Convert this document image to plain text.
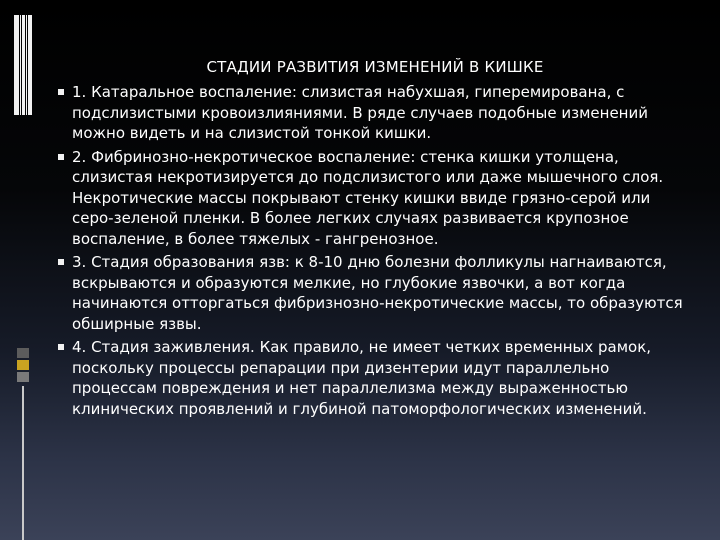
СТАДИИ РАЗВИТИЯ ИЗМЕНЕНИЙ В КИШКЕ
1. Катаральное воспаление: слизистая набухшая, гиперемирована, с подслизистыми кровоизлияниями. В ряде случаев подобные изменений можно видеть и на слизистой тонкой кишки.
2. Фибринозно-некротическое воспаление: стенка кишки утолщена, слизистая некротизируется до подслизистого или даже мышечного слоя. Некротические массы покрывают стенку кишки ввиде грязно-серой или серо-зеленой пленки. В более легких случаях развивается крупозное воспаление, в более тяжелых - гангренозное.
3. Стадия образования язв: к 8-10 дню болезни фолликулы нагнаиваются, вскрываются и образуются мелкие, но глубокие язвочки, а вот когда начинаются отторгаться фибризнозно-некротические массы, то образуются обширные язвы.
4. Стадия заживления. Как правило, не имеет четких временных рамок, поскольку процессы репарации при дизентерии идут параллельно процессам повреждения и нет параллелизма между выраженностью клинических проявлений и глубиной патоморфологических изменений.
